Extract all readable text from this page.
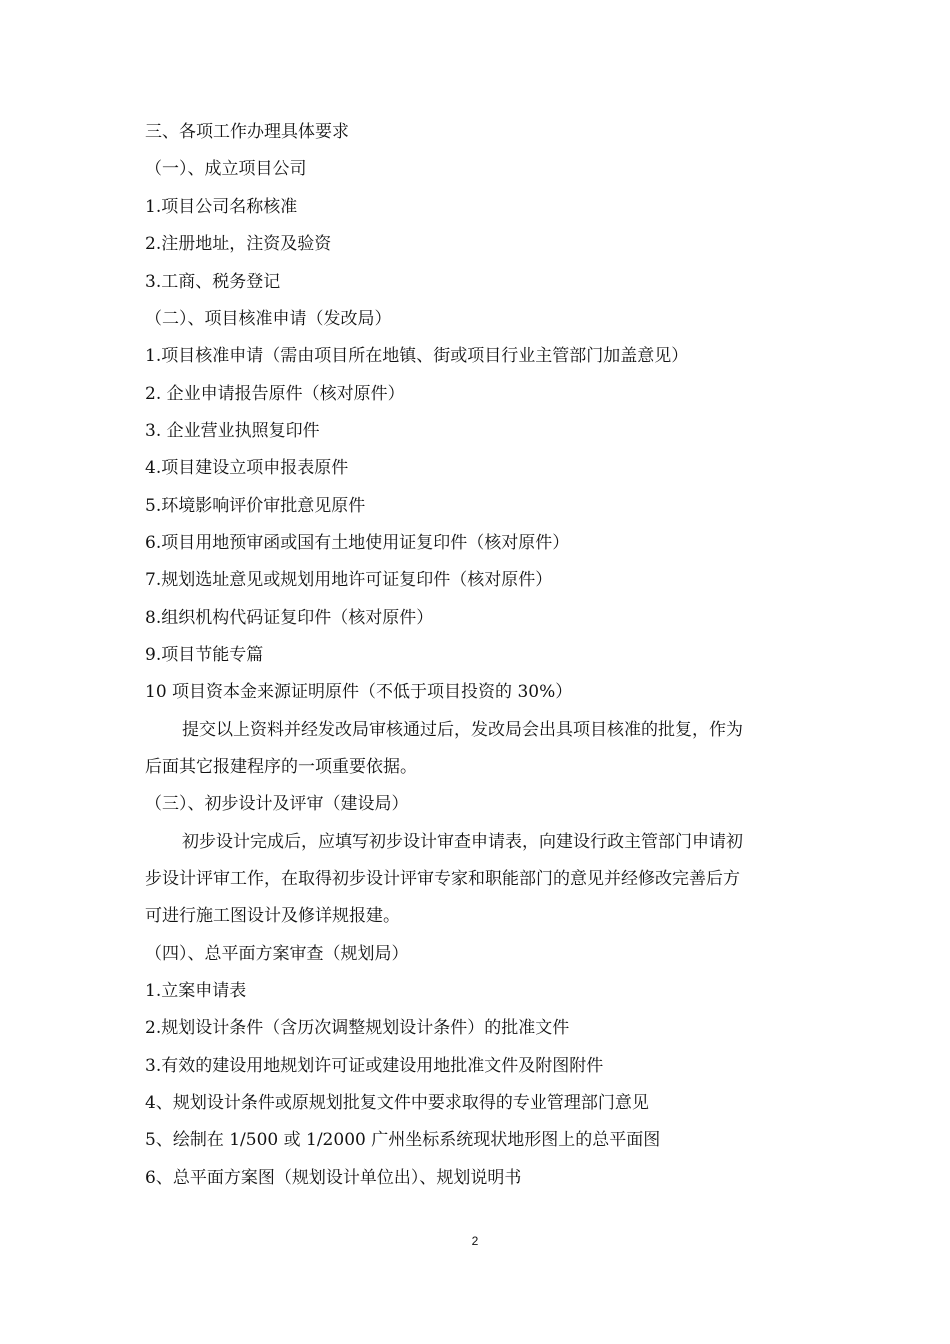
三、各项工作办理具体要求
（一）、成立项目公司
1.项目公司名称核准
2.注册地址，注资及验资
3.工商、税务登记
（二）、项目核准申请（发改局）
1.项目核准申请（需由项目所在地镇、街或项目行业主管部门加盖意见）
2. 企业申请报告原件（核对原件）
3. 企业营业执照复印件
4.项目建设立项申报表原件
5.环境影响评价审批意见原件
6.项目用地预审函或国有土地使用证复印件（核对原件）
7.规划选址意见或规划用地许可证复印件（核对原件）
8.组织机构代码证复印件（核对原件）
9.项目节能专篇
10 项目资本金来源证明原件（不低于项目投资的 30%）
提交以上资料并经发改局审核通过后，发改局会出具项目核准的批复，作为
后面其它报建程序的一项重要依据。
（三）、初步设计及评审（建设局）
初步设计完成后，应填写初步设计审查申请表，向建设行政主管部门申请初
步设计评审工作，在取得初步设计评审专家和职能部门的意见并经修改完善后方
可进行施工图设计及修详规报建。
（四）、总平面方案审查（规划局）
1.立案申请表
2.规划设计条件（含历次调整规划设计条件）的批准文件
3.有效的建设用地规划许可证或建设用地批准文件及附图附件
4、规划设计条件或原规划批复文件中要求取得的专业管理部门意见
5、绘制在 1/500 或 1/2000 广州坐标系统现状地形图上的总平面图
6、总平面方案图（规划设计单位出）、规划说明书
2
